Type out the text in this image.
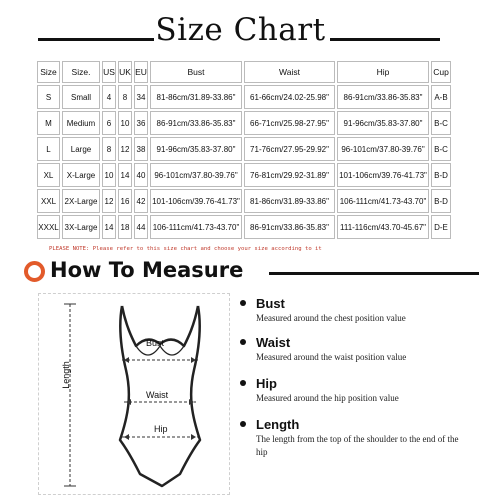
Size Chart
Size	Size.	US	UK	EU	Bust	Waist	Hip	Cup
S	Small	4	8	34	81-86cm/31.89-33.86"	61-66cm/24.02-25.98"	86-91cm/33.86-35.83"	A-B
M	Medium	6	10	36	86-91cm/33.86-35.83"	66-71cm/25.98-27.95"	91-96cm/35.83-37.80"	B-C
L	Large	8	12	38	91-96cm/35.83-37.80"	71-76cm/27.95-29.92"	96-101cm/37.80-39.76"	B-C
XL	X-Large	10	14	40	96-101cm/37.80-39.76"	76-81cm/29.92-31.89"	101-106cm/39.76-41.73"	B-D
XXL	2X-Large	12	16	42	101-106cm/39.76-41.73"	81-86cm/31.89-33.86"	106-111cm/41.73-43.70"	B-D
XXXL	3X-Large	14	18	44	106-111cm/41.73-43.70"	86-91cm/33.86-35.83"	111-116cm/43.70-45.67"	D-E
PLEASE NOTE: Please refer to this size chart and choose your size according to it
How To Measure
Length
Bust
Waist
Hip
Bust
Measured around the chest position value
Waist
Measured around the waist position value
Hip
Measured around the hip position value
Length
The length from the top of the shoulder to the end of the hip
